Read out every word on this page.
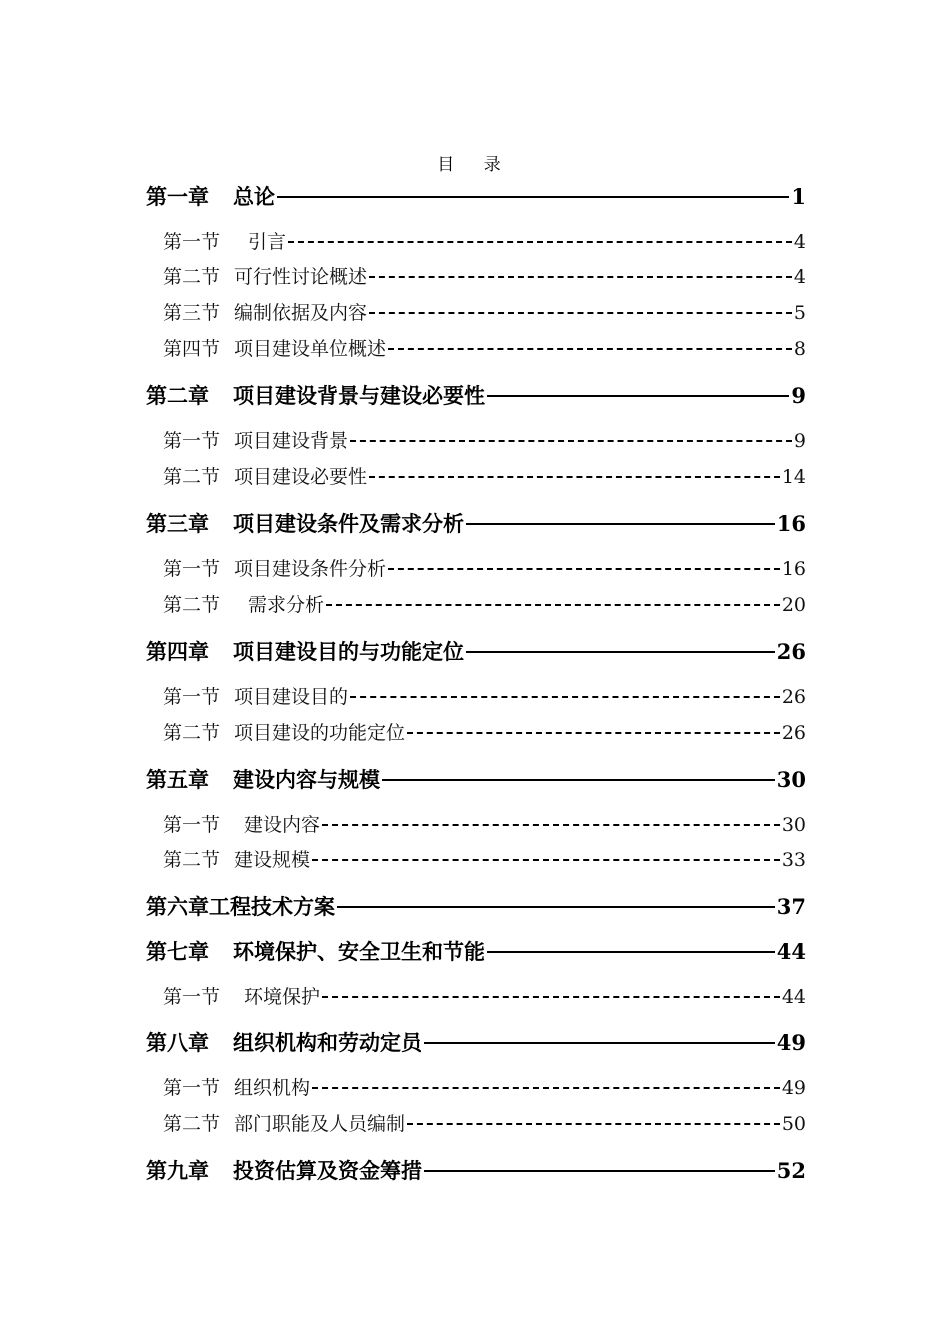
目 录
第一章 总论	1
第一节 引言	4
第二节 可行性讨论概述	4
第三节 编制依据及内容	5
第四节 项目建设单位概述	8
第二章 项目建设背景与建设必要性	9
第一节 项目建设背景	9
第二节 项目建设必要性	14
第三章 项目建设条件及需求分析	16
第一节 项目建设条件分析	16
第二节 需求分析	20
第四章 项目建设目的与功能定位	26
第一节 项目建设目的	26
第二节 项目建设的功能定位	26
第五章 建设内容与规模	30
第一节 建设内容	30
第二节 建设规模	33
第六章工程技术方案	37
第七章 环境保护、安全卫生和节能	44
第一节 环境保护	44
第八章 组织机构和劳动定员	49
第一节 组织机构	49
第二节 部门职能及人员编制	50
第九章 投资估算及资金筹措	52
